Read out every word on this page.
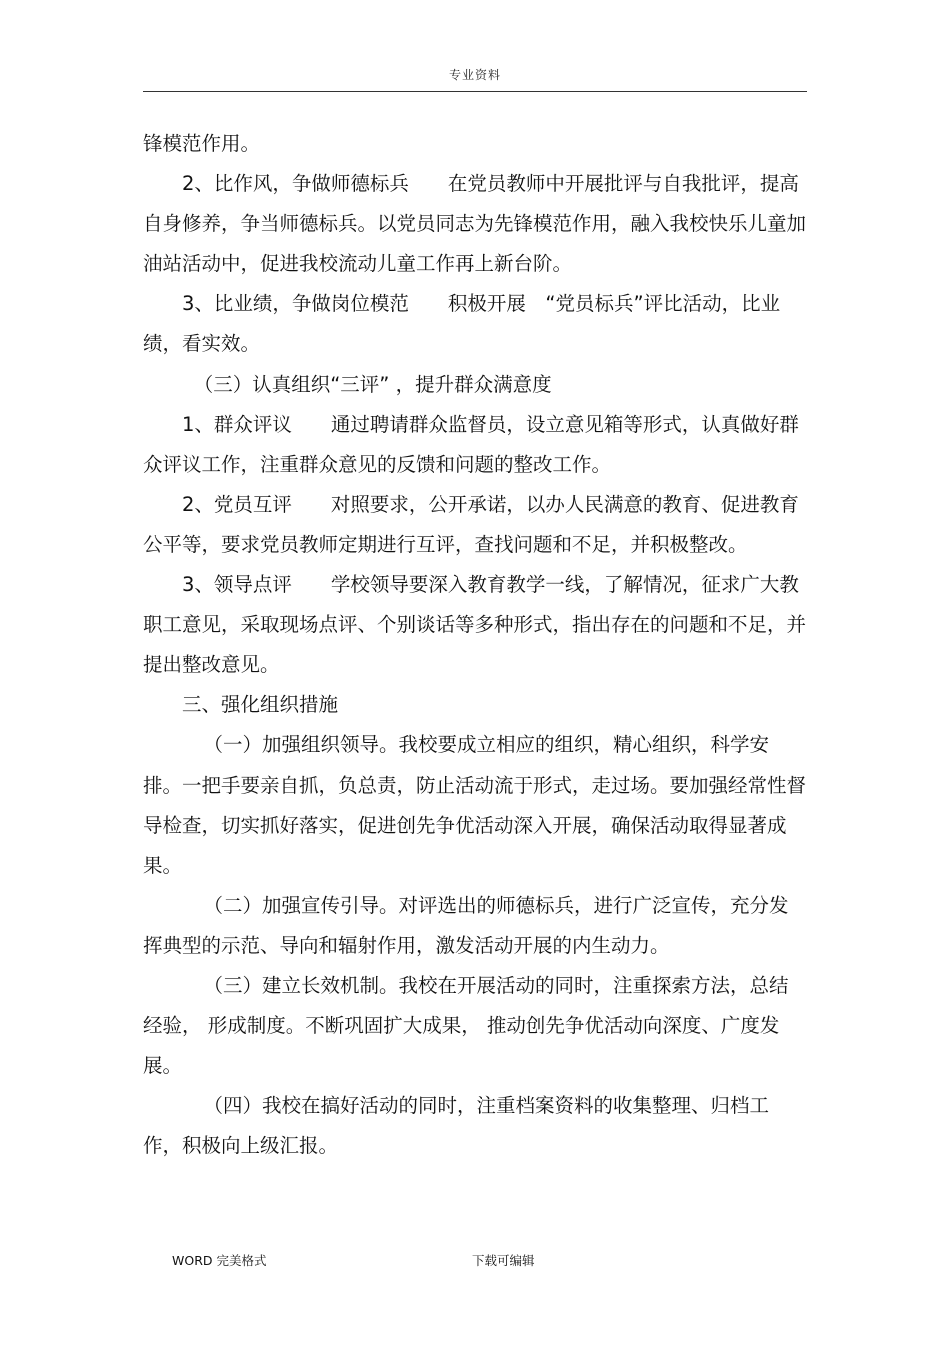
专业资料

锋模范作用。

2、比作风，争做师德标兵　　在党员教师中开展批评与自我批评，提高自身修养，争当师德标兵。以党员同志为先锋模范作用，融入我校快乐儿童加油站活动中，促进我校流动儿童工作再上新台阶。

3、比业绩，争做岗位模范　　积极开展　“党员标兵”评比活动，比业绩，看实效。

（三）认真组织“三评” ，提升群众满意度

1、群众评议　　通过聘请群众监督员，设立意见箱等形式，认真做好群众评议工作，注重群众意见的反馈和问题的整改工作。

2、党员互评　　对照要求，公开承诺，以办人民满意的教育、促进教育公平等，要求党员教师定期进行互评，查找问题和不足，并积极整改。

3、领导点评　　学校领导要深入教育教学一线，了解情况，征求广大教职工意见，采取现场点评、个别谈话等多种形式，指出存在的问题和不足，并提出整改意见。

三、强化组织措施

（一）加强组织领导。我校要成立相应的组织，精心组织，科学安排。一把手要亲自抓，负总责，防止活动流于形式，走过场。要加强经常性督导检查，切实抓好落实，促进创先争优活动深入开展，确保活动取得显著成果。

（二）加强宣传引导。对评选出的师德标兵，进行广泛宣传，充分发挥典型的示范、导向和辐射作用，激发活动开展的内生动力。

（三）建立长效机制。我校在开展活动的同时，注重探索方法，总结经验， 形成制度。不断巩固扩大成果， 推动创先争优活动向深度、广度发展。

（四）我校在搞好活动的同时，注重档案资料的收集整理、归档工作，积极向上级汇报。

WORD 完美格式	下载可编辑
